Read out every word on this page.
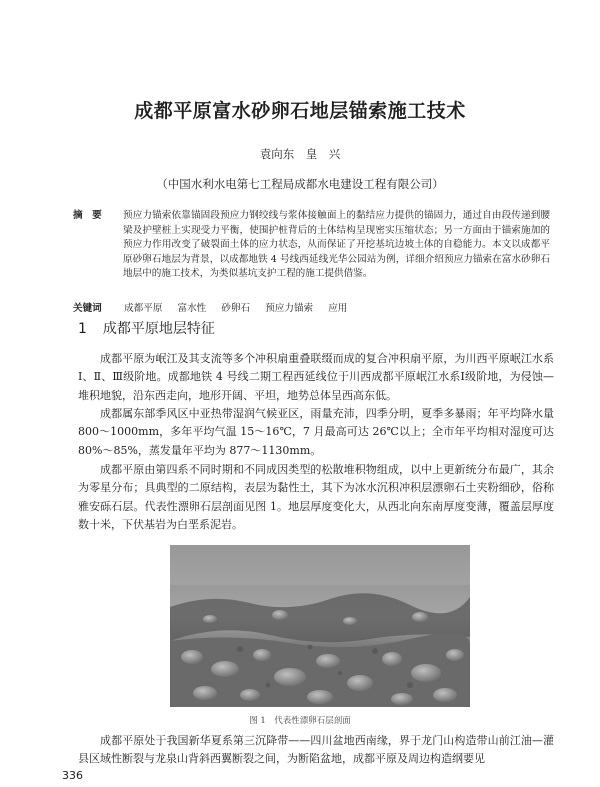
成都平原富水砂卵石地层锚索施工技术
袁向东　皇　兴
（中国水利水电第七工程局成都水电建设工程有限公司）
摘　要	预应力锚索依靠锚固段预应力钢绞线与浆体接触面上的黏结应力提供的锚固力，通过自由段传递到腰梁及护壁桩上实现受力平衡，使围护桩背后的土体结构呈现密实压缩状态；另一方面由于锚索施加的预应力作用改变了破裂面土体的应力状态，从而保证了开挖基坑边坡土体的自稳能力。本文以成都平原砂卵石地层为背景，以成都地铁 4 号线西延线光华公园站为例，详细介绍预应力锚索在富水砂卵石地层中的施工技术，为类似基坑支护工程的施工提供借鉴。
关键词 成都平原 富水性 砂卵石 预应力锚索 应用
1 成都平原地层特征
成都平原为岷江及其支流等多个冲积扇重叠联缀而成的复合冲积扇平原，为川西平原岷江水系Ⅰ、Ⅱ、Ⅲ级阶地。成都地铁 4 号线二期工程西延线位于川西成都平原岷江水系Ⅰ级阶地，为侵蚀—堆积地貌，沿东西走向，地形开阔、平坦，地势总体呈西高东低。
成都属东部季风区中亚热带湿润气候亚区，雨量充沛，四季分明，夏季多暴雨；年平均降水量 800～1000mm，多年平均气温 15～16℃，7 月最高可达 26℃以上；全市年平均相对湿度可达 80%～85%，蒸发量年平均为 877～1130mm。
成都平原由第四系不同时期和不同成因类型的松散堆积物组成，以中上更新统分布最广，其余为零星分布；具典型的二原结构，表层为黏性土，其下为冰水沉积冲积层漂卵石土夹粉细砂，俗称雅安砾石层。代表性漂卵石层剖面见图 1。地层厚度变化大，从西北向东南厚度变薄，覆盖层厚度数十米，下伏基岩为白垩系泥岩。
图 1　代表性漂卵石层剖面
成都平原处于我国新华夏系第三沉降带——四川盆地西南缘，界于龙门山构造带山前江油—灌县区域性断裂与龙泉山背斜西翼断裂之间，为断陷盆地，成都平原及周边构造纲要见
336
